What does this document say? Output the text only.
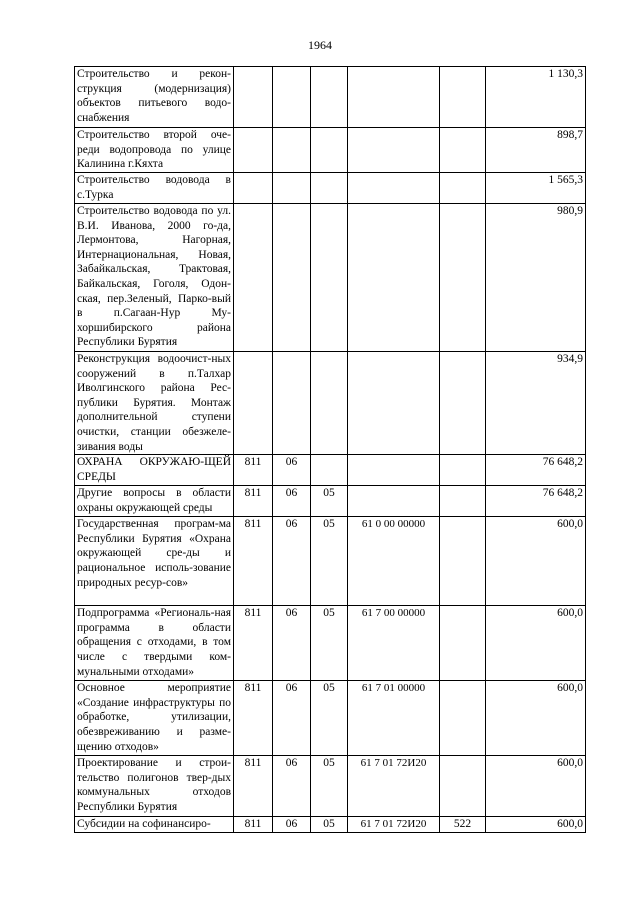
1964
Строительство и рекон-струкция (модернизация) объектов питьевого водо-снабжения						1 130,3
Строительство второй оче-реди водопровода по улице Калинина г.Кяхта						898,7
Строительство водовода в с.Турка						1 565,3
Строительство водовода по ул. В.И. Иванова, 2000 го-да, Лермонтова, Нагорная, Интернациональная, Новая, Забайкальская, Трактовая, Байкальская, Гоголя, Одон-ская, пер.Зеленый, Парко-вый в п.Сагаан-Нур Му-хоршибирского района Республики Бурятия						980,9
Реконструкция водоочист-ных сооружений в п.Талхар Иволгинского района Рес-публики Бурятия. Монтаж дополнительной ступени очистки, станции обезжеле-зивания воды						934,9
ОХРАНА ОКРУЖАЮ-ЩЕЙ СРЕДЫ	811	06				76 648,2
Другие вопросы в области охраны окружающей среды	811	06	05			76 648,2
Государственная програм-ма Республики Бурятия «Охрана окружающей сре-ды и рациональное исполь-зование природных ресур-сов»	811	06	05	61 0 00 00000		600,0
Подпрограмма «Региональ-ная программа в области обращения с отходами, в том числе с твердыми ком-мунальными отходами»	811	06	05	61 7 00 00000		600,0
Основное мероприятие «Создание инфраструктуры по обработке, утилизации, обезвреживанию и разме-щению отходов»	811	06	05	61 7 01 00000		600,0
Проектирование и строи-тельство полигонов твер-дых коммунальных отходов Республики Бурятия	811	06	05	61 7 01 72И20		600,0
Субсидии на софинансиро-	811	06	05	61 7 01 72И20	522	600,0
